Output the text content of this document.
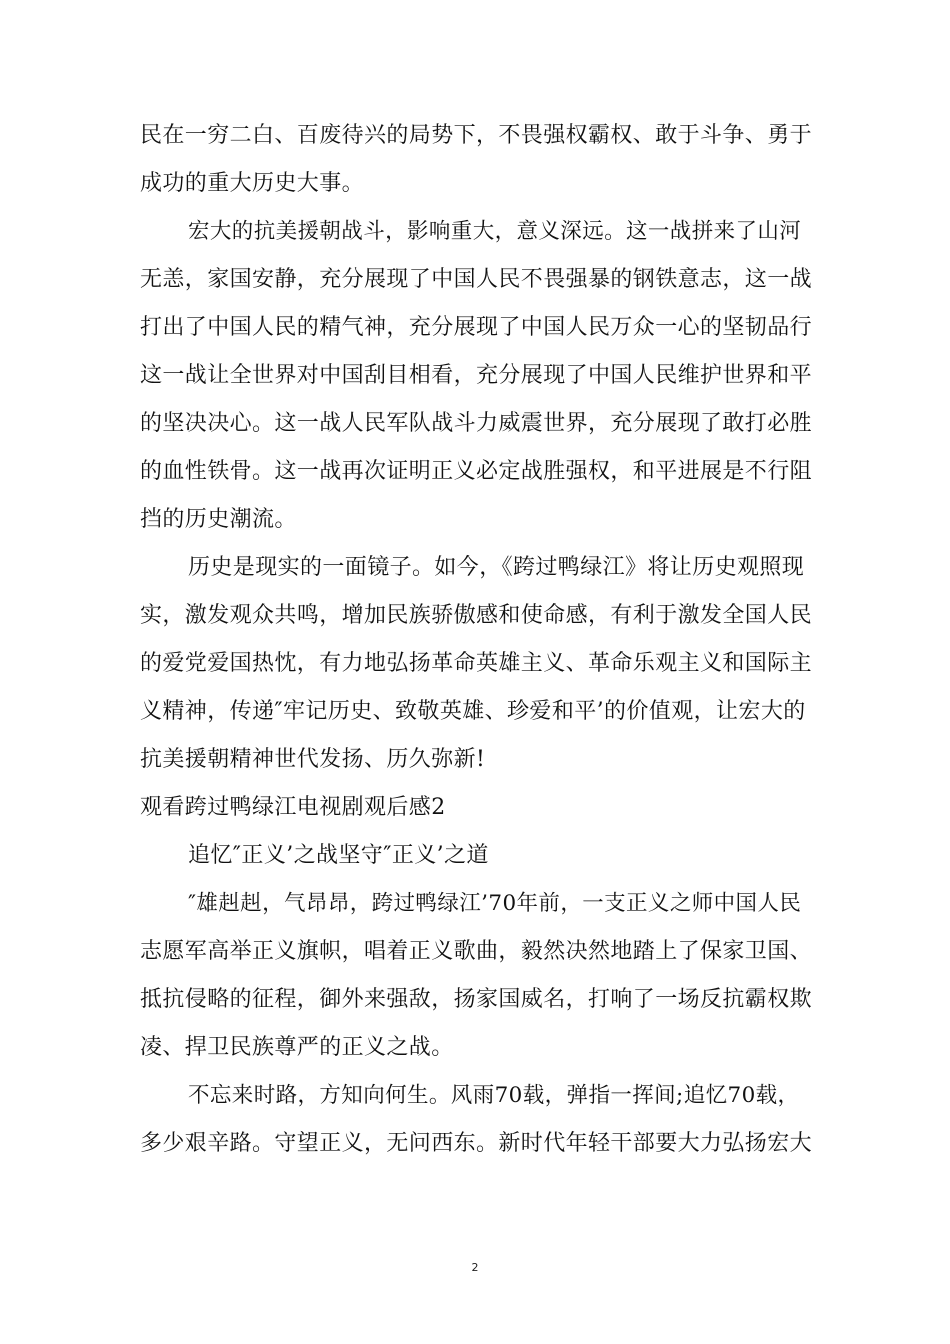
民在一穷二白、百废待兴的局势下，不畏强权霸权、敢于斗争、勇于
成功的重大历史大事。
宏大的抗美援朝战斗，影响重大，意义深远。这一战拼来了山河
无恙，家国安静，充分展现了中国人民不畏强暴的钢铁意志，这一战
打出了中国人民的精气神，充分展现了中国人民万众一心的坚韧品行
这一战让全世界对中国刮目相看，充分展现了中国人民维护世界和平
的坚决决心。这一战人民军队战斗力威震世界，充分展现了敢打必胜
的血性铁骨。这一战再次证明正义必定战胜强权，和平进展是不行阻
挡的历史潮流。
历史是现实的一面镜子。如今，《跨过鸭绿江》将让历史观照现
实，激发观众共鸣，增加民族骄傲感和使命感，有利于激发全国人民
的爱党爱国热忱，有力地弘扬革命英雄主义、革命乐观主义和国际主
义精神，传递″牢记历史、致敬英雄、珍爱和平’的价值观，让宏大的
抗美援朝精神世代发扬、历久弥新!
观看跨过鸭绿江电视剧观后感2
追忆″正义’之战坚守″正义’之道
″雄赳赳，气昂昂，跨过鸭绿江’70年前，一支正义之师中国人民
志愿军高举正义旗帜，唱着正义歌曲，毅然决然地踏上了保家卫国、
抵抗侵略的征程，御外来强敌，扬家国威名，打响了一场反抗霸权欺
凌、捍卫民族尊严的正义之战。
不忘来时路，方知向何生。风雨70载，弹指一挥间;追忆70载，
多少艰辛路。守望正义，无问西东。新时代年轻干部要大力弘扬宏大
2
